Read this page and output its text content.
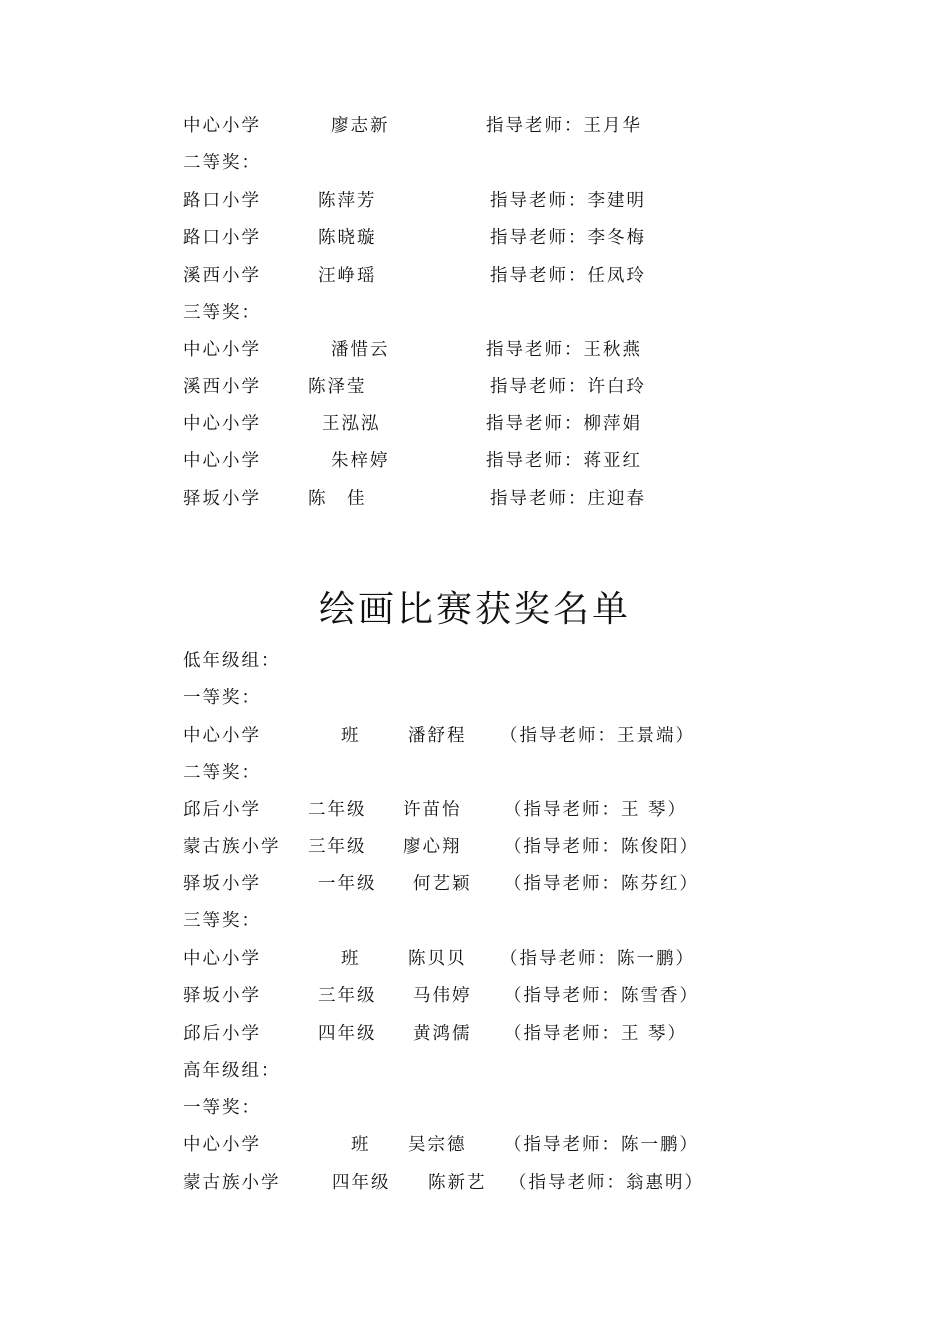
中心小学	廖志新	指导老师：王月华
二等奖：
路口小学	陈萍芳	指导老师：李建明
路口小学	陈晓璇	指导老师：李冬梅
溪西小学	汪峥瑶	指导老师：任凤玲
三等奖：
中心小学	潘惜云	指导老师：王秋燕
溪西小学	陈泽莹	指导老师：许白玲
中心小学	王泓泓	指导老师：柳萍娟
中心小学	朱梓婷	指导老师：蒋亚红
驿坂小学	陈　佳	指导老师：庄迎春
绘画比赛获奖名单
低年级组：
一等奖：
中心小学	班	潘舒程 （指导老师：王景端）
二等奖：
邱后小学	二年级 许苗怡 （指导老师：王 琴）
蒙古族小学 三年级 廖心翔 （指导老师：陈俊阳）
驿坂小学	一年级 何艺颖 （指导老师：陈芬红）
三等奖：
中心小学	班	陈贝贝 （指导老师：陈一鹏）
驿坂小学	三年级 马伟婷 （指导老师：陈雪香）
邱后小学	四年级 黄鸿儒 （指导老师：王 琴）
高年级组：
一等奖：
中心小学	班 吴宗德 （指导老师：陈一鹏）
蒙古族小学	四年级 陈新艺 （指导老师：翁惠明）
